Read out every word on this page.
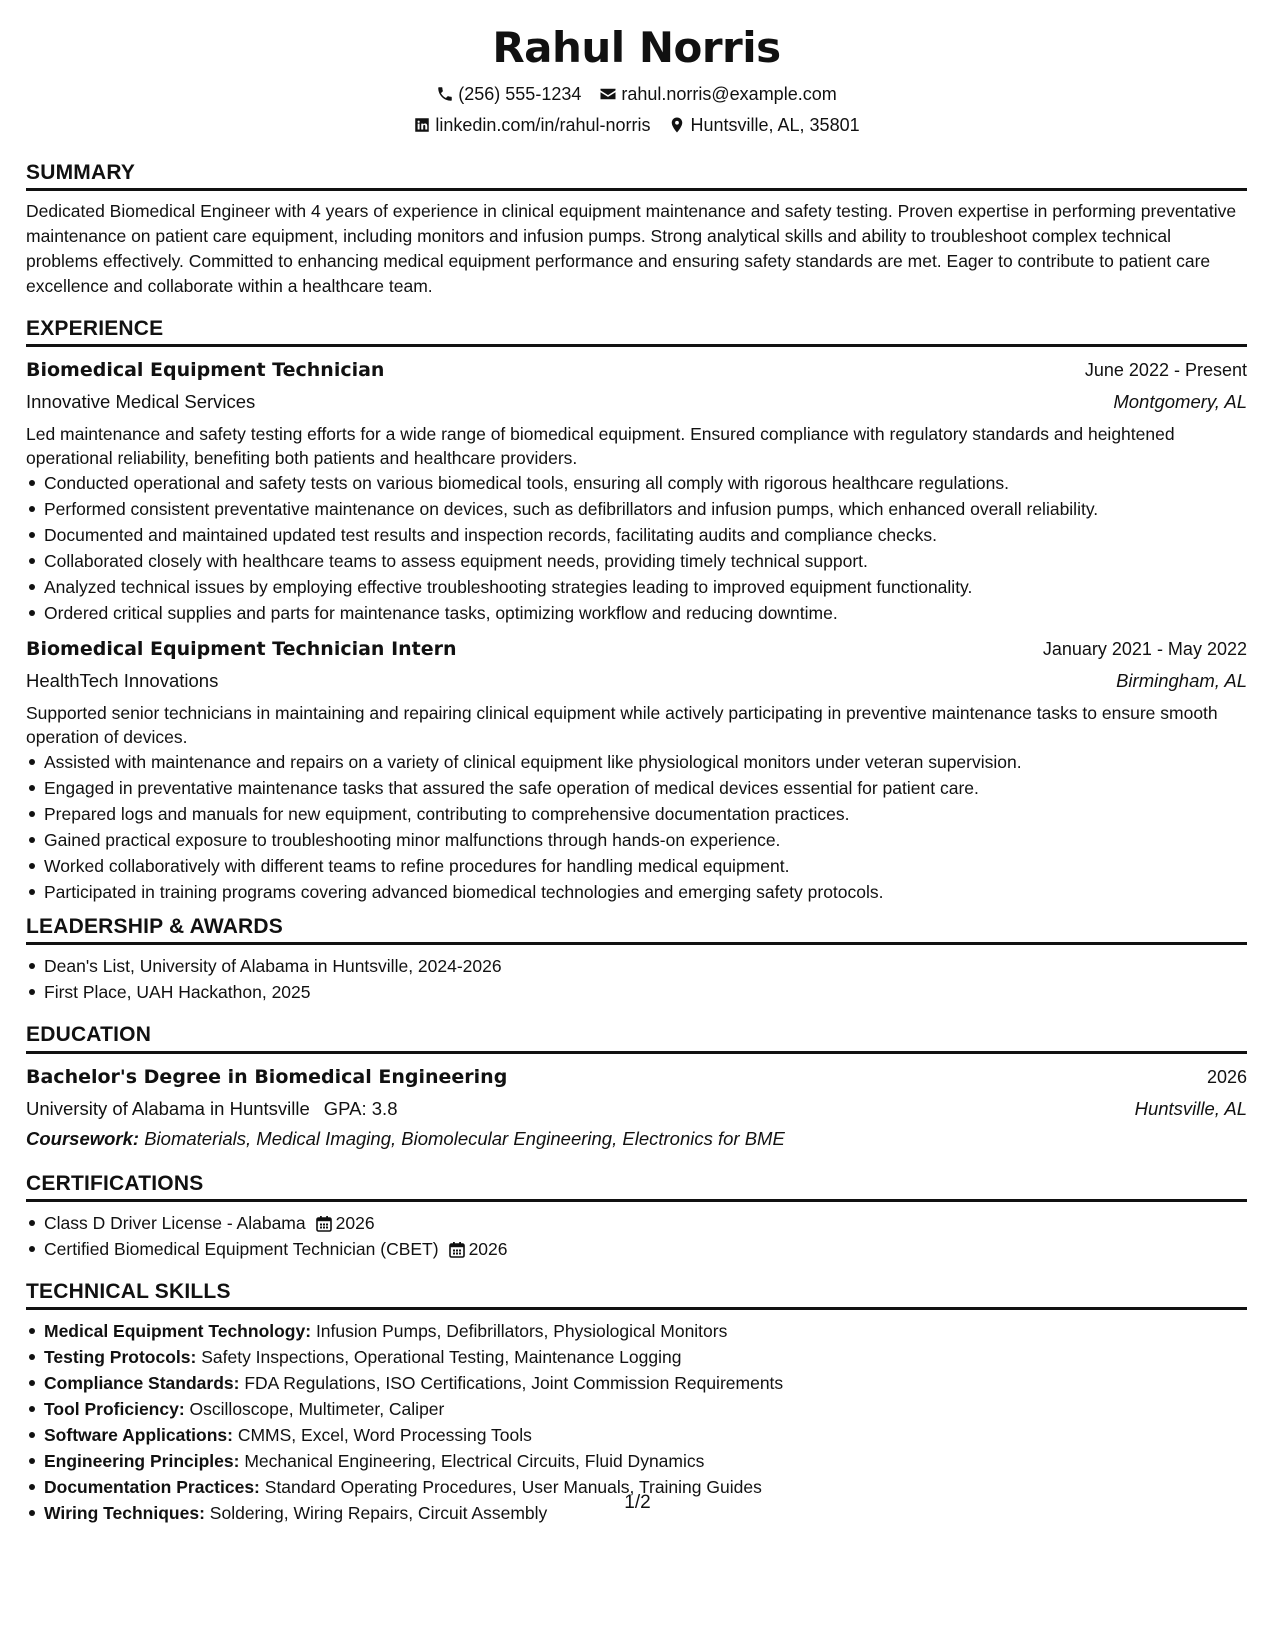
Rahul Norris
(256) 555-1234 rahul.norris@example.com
linkedin.com/in/rahul-norris Huntsville, AL, 35801
SUMMARY

Dedicated Biomedical Engineer with 4 years of experience in clinical equipment maintenance and safety testing. Proven expertise in performing preventative maintenance on patient care equipment, including monitors and infusion pumps. Strong analytical skills and ability to troubleshoot complex technical problems effectively. Committed to enhancing medical equipment performance and ensuring safety standards are met. Eager to contribute to patient care excellence and collaborate within a healthcare team.

EXPERIENCE
Biomedical Equipment Technician	June 2022 - Present
Innovative Medical Services	Montgomery, AL

Led maintenance and safety testing efforts for a wide range of biomedical equipment. Ensured compliance with regulatory standards and heightened operational reliability, benefiting both patients and healthcare providers.

Conducted operational and safety tests on various biomedical tools, ensuring all comply with rigorous healthcare regulations.
Performed consistent preventative maintenance on devices, such as defibrillators and infusion pumps, which enhanced overall reliability.
Documented and maintained updated test results and inspection records, facilitating audits and compliance checks.
Collaborated closely with healthcare teams to assess equipment needs, providing timely technical support.
Analyzed technical issues by employing effective troubleshooting strategies leading to improved equipment functionality.
Ordered critical supplies and parts for maintenance tasks, optimizing workflow and reducing downtime.
Biomedical Equipment Technician Intern	January 2021 - May 2022
HealthTech Innovations	Birmingham, AL

Supported senior technicians in maintaining and repairing clinical equipment while actively participating in preventive maintenance tasks to ensure smooth operation of devices.

Assisted with maintenance and repairs on a variety of clinical equipment like physiological monitors under veteran supervision.
Engaged in preventative maintenance tasks that assured the safe operation of medical devices essential for patient care.
Prepared logs and manuals for new equipment, contributing to comprehensive documentation practices.
Gained practical exposure to troubleshooting minor malfunctions through hands-on experience.
Worked collaboratively with different teams to refine procedures for handling medical equipment.
Participated in training programs covering advanced biomedical technologies and emerging safety protocols.
LEADERSHIP & AWARDS
Dean's List, University of Alabama in Huntsville, 2024-2026
First Place, UAH Hackathon, 2025
EDUCATION
Bachelor's Degree in Biomedical Engineering	2026
University of Alabama in Huntsville GPA: 3.8	Huntsville, AL
Coursework: Biomaterials, Medical Imaging, Biomolecular Engineering, Electronics for BME
CERTIFICATIONS
Class D Driver License - Alabama 2026
Certified Biomedical Equipment Technician (CBET) 2026
TECHNICAL SKILLS
Medical Equipment Technology: Infusion Pumps, Defibrillators, Physiological Monitors
Testing Protocols: Safety Inspections, Operational Testing, Maintenance Logging
Compliance Standards: FDA Regulations, ISO Certifications, Joint Commission Requirements
Tool Proficiency: Oscilloscope, Multimeter, Caliper
Software Applications: CMMS, Excel, Word Processing Tools
Engineering Principles: Mechanical Engineering, Electrical Circuits, Fluid Dynamics
Documentation Practices: Standard Operating Procedures, User Manuals, Training Guides
Wiring Techniques: Soldering, Wiring Repairs, Circuit Assembly
1/2
